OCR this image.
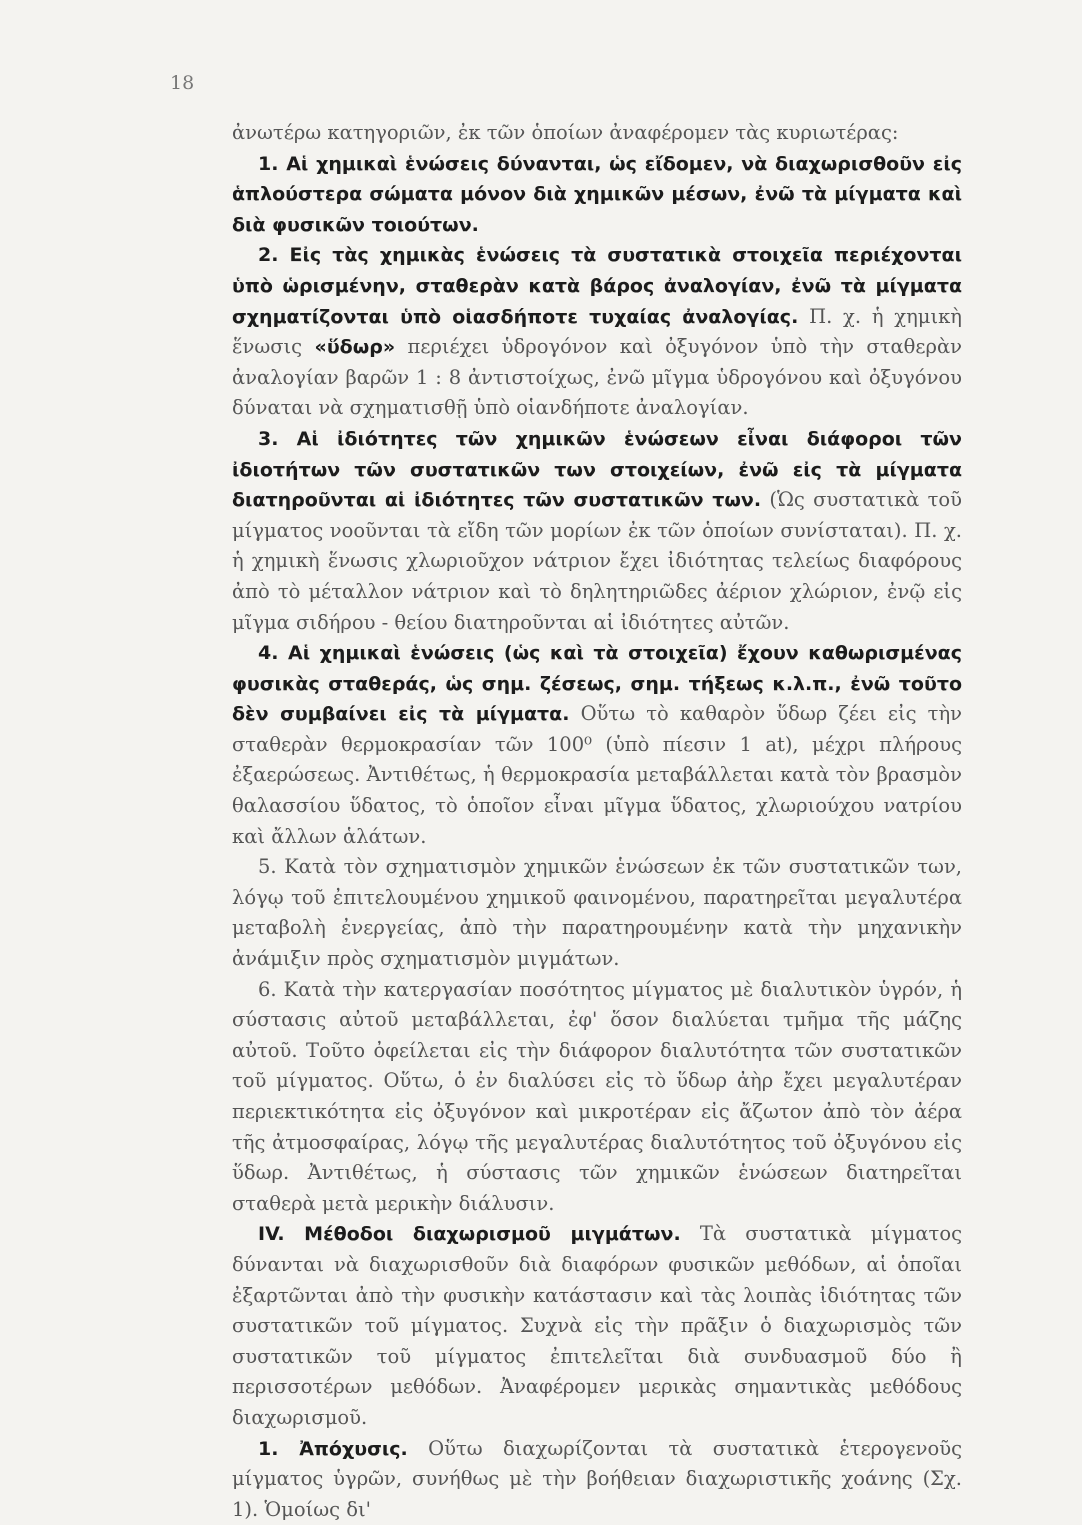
18

ἀνωτέρω κατηγοριῶν, ἐκ τῶν ὁποίων ἀναφέρομεν τὰς κυριωτέρας:

1. Αἱ χημικαὶ ἑνώσεις δύνανται, ὡς εἴδομεν, νὰ διαχωρισθοῦν εἰς ἁπλούστερα σώματα μόνον διὰ χημικῶν μέσων, ἐνῶ τὰ μίγματα καὶ διὰ φυσικῶν τοιούτων.

2. Εἰς τὰς χημικὰς ἑνώσεις τὰ συστατικὰ στοιχεῖα περιέχονται ὑπὸ ὡρισμένην, σταθερὰν κατὰ βάρος ἀναλογίαν, ἐνῶ τὰ μίγματα σχηματίζονται ὑπὸ οἱασδήποτε τυχαίας ἀναλογίας. Π. χ. ἡ χημικὴ ἕνωσις «ὕδωρ» περιέχει ὑδρογόνον καὶ ὀξυγόνον ὑπὸ τὴν σταθερὰν ἀναλογίαν βαρῶν 1 : 8 ἀντιστοίχως, ἐνῶ μῖγμα ὑδρογόνου καὶ ὀξυγόνου δύναται νὰ σχηματισθῇ ὑπὸ οἱανδήποτε ἀναλογίαν.

3. Αἱ ἰδιότητες τῶν χημικῶν ἑνώσεων εἶναι διάφοροι τῶν ἰδιοτήτων τῶν συστατικῶν των στοιχείων, ἐνῶ εἰς τὰ μίγματα διατηροῦνται αἱ ἰδιότητες τῶν συστατικῶν των. (Ὡς συστατικὰ τοῦ μίγματος νοοῦνται τὰ εἴδη τῶν μορίων ἐκ τῶν ὁποίων συνίσταται). Π. χ. ἡ χημικὴ ἕνωσις χλωριοῦχον νάτριον ἔχει ἰδιότητας τελείως διαφόρους ἀπὸ τὸ μέταλλον νάτριον καὶ τὸ δηλητηριῶδες ἀέριον χλώριον, ἐνῷ εἰς μῖγμα σιδήρου - θείου διατηροῦνται αἱ ἰδιότητες αὐτῶν.

4. Αἱ χημικαὶ ἑνώσεις (ὡς καὶ τὰ στοιχεῖα) ἔχουν καθωρισμένας φυσικὰς σταθεράς, ὡς σημ. ζέσεως, σημ. τήξεως κ.λ.π., ἐνῶ τοῦτο δὲν συμβαίνει εἰς τὰ μίγματα. Οὕτω τὸ καθαρὸν ὕδωρ ζέει εἰς τὴν σταθερὰν θερμοκρασίαν τῶν 100⁰ (ὑπὸ πίεσιν 1 at), μέχρι πλήρους ἐξαερώσεως. Ἀντιθέτως, ἡ θερμοκρασία μεταβάλλεται κατὰ τὸν βρασμὸν θαλασσίου ὕδατος, τὸ ὁποῖον εἶναι μῖγμα ὕδατος, χλωριούχου νατρίου καὶ ἄλλων ἁλάτων.

5. Κατὰ τὸν σχηματισμὸν χημικῶν ἑνώσεων ἐκ τῶν συστατικῶν των, λόγῳ τοῦ ἐπιτελουμένου χημικοῦ φαινομένου, παρατηρεῖται μεγαλυτέρα μεταβολὴ ἐνεργείας, ἀπὸ τὴν παρατηρουμένην κατὰ τὴν μηχανικὴν ἀνάμιξιν πρὸς σχηματισμὸν μιγμάτων.

6. Κατὰ τὴν κατεργασίαν ποσότητος μίγματος μὲ διαλυτικὸν ὑγρόν, ἡ σύστασις αὐτοῦ μεταβάλλεται, ἐφ' ὅσον διαλύεται τμῆμα τῆς μάζης αὐτοῦ. Τοῦτο ὀφείλεται εἰς τὴν διάφορον διαλυτότητα τῶν συστατικῶν τοῦ μίγματος. Οὕτω, ὁ ἐν διαλύσει εἰς τὸ ὕδωρ ἀὴρ ἔχει μεγαλυτέραν περιεκτικότητα εἰς ὀξυγόνον καὶ μικροτέραν εἰς ἄζωτον ἀπὸ τὸν ἀέρα τῆς ἀτμοσφαίρας, λόγῳ τῆς μεγαλυτέρας διαλυτότητος τοῦ ὀξυγόνου εἰς ὕδωρ. Ἀντιθέτως, ἡ σύστασις τῶν χημικῶν ἑνώσεων διατηρεῖται σταθερὰ μετὰ μερικὴν διάλυσιν.

IV. Μέθοδοι διαχωρισμοῦ μιγμάτων. Τὰ συστατικὰ μίγματος δύνανται νὰ διαχωρισθοῦν διὰ διαφόρων φυσικῶν μεθόδων, αἱ ὁποῖαι ἐξαρτῶνται ἀπὸ τὴν φυσικὴν κατάστασιν καὶ τὰς λοιπὰς ἰδιότητας τῶν συστατικῶν τοῦ μίγματος. Συχνὰ εἰς τὴν πρᾶξιν ὁ διαχωρισμὸς τῶν συστατικῶν τοῦ μίγματος ἐπιτελεῖται διὰ συνδυασμοῦ δύο ἢ περισσοτέρων μεθόδων. Ἀναφέρομεν μερικὰς σημαντικὰς μεθόδους διαχωρισμοῦ.

1. Ἀπόχυσις. Οὕτω διαχωρίζονται τὰ συστατικὰ ἑτερογενοῦς μίγματος ὑγρῶν, συνήθως μὲ τὴν βοήθειαν διαχωριστικῆς χοάνης (Σχ. 1). Ὁμοίως δι'
